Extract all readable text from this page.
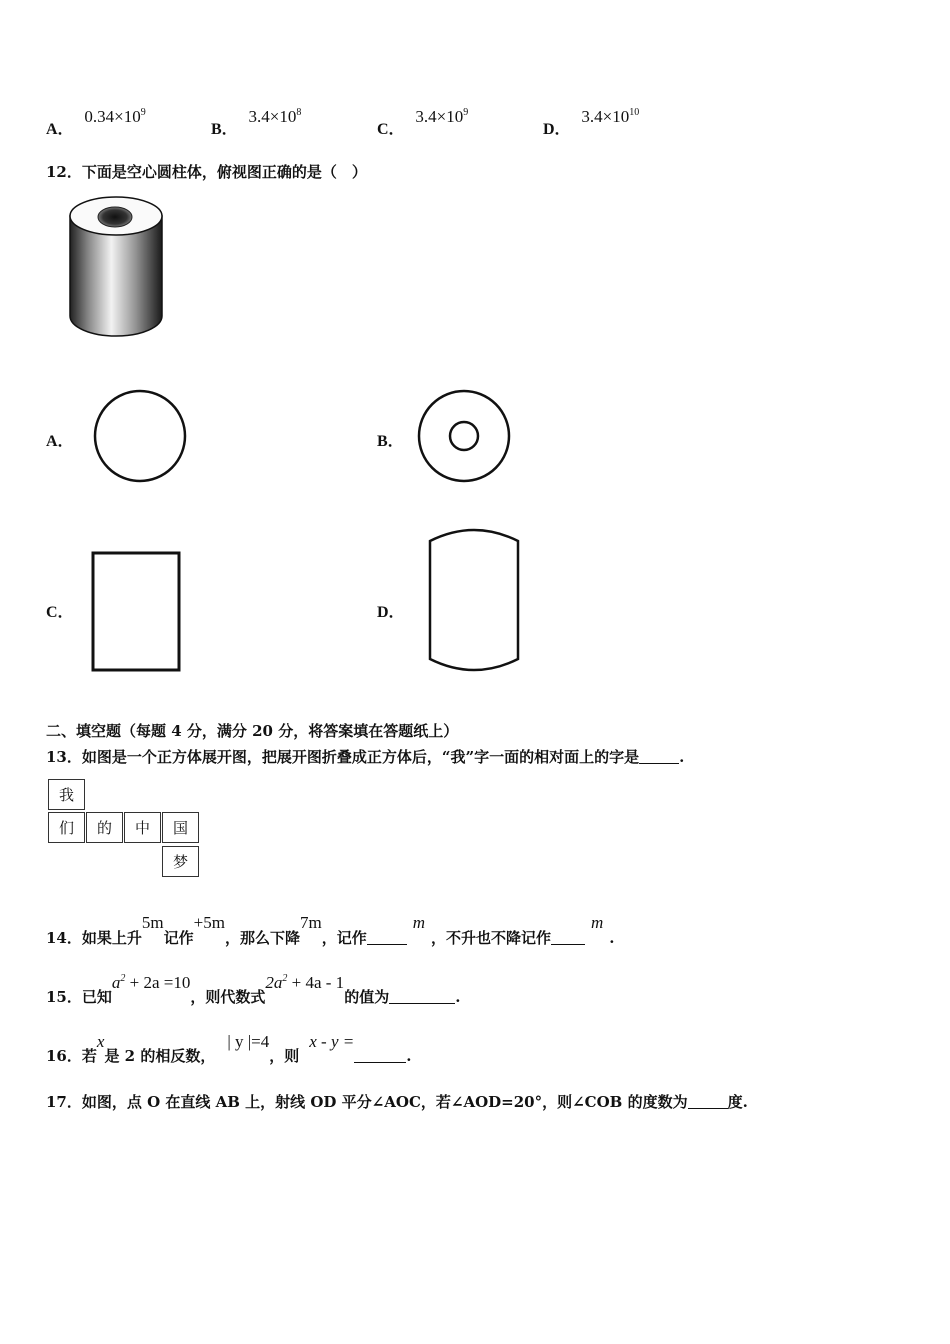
A． $0.34\times 10^9$
B． $3.4\times 10^8$
C． $3.4\times 10^9$
D． $3.4\times 10^{10}$
12．下面是空心圆柱体，俯视图正确的是（　）
A．	B．
C．	D．
二、填空题（每题 4 分，满分 20 分，将答案填在答题纸上）
13．如图是一个正方体展开图，把展开图折叠成正方体后，“我”字一面的相对面上的字是	.
我
们	的	中	国
梦
14．如果上升5m记作+5m，那么下降7m，记作m，不升也不降记作m.
15．已知$a^2 + 2a =10$，则代数式$2a^2 + 4a - 1$的值为	.
16．若x是 2 的相反数，| y |=4，则x - y =.
17．如图，点 O 在直线 AB 上，射线 OD 平分∠AOC，若∠AOD=20°，则∠COB 的度数为	度.
